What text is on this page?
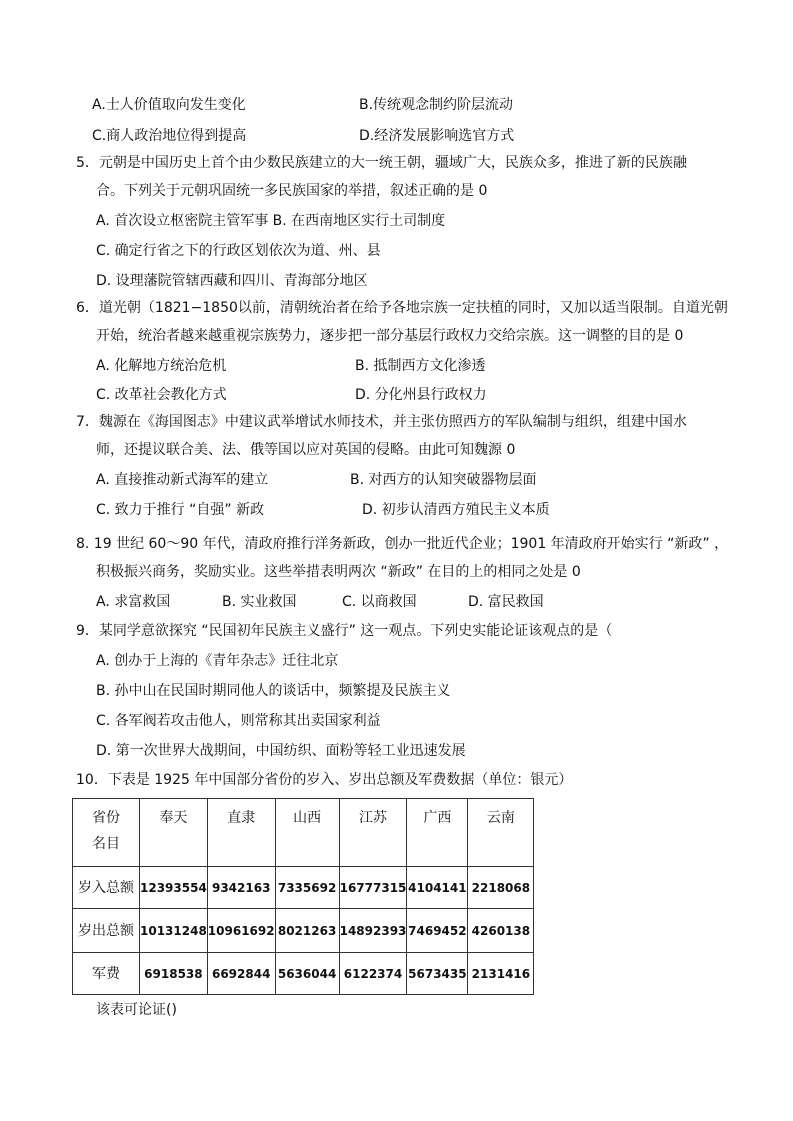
A.士人价值取向发生变化	B.传统观念制约阶层流动
C.商人政治地位得到提高	D.经济发展影响选官方式
5．元朝是中国历史上首个由少数民族建立的大一统王朝，疆域广大，民族众多，推进了新的民族融
合。下列关于元朝巩固统一多民族国家的举措，叙述正确的是 0
A. 首次设立枢密院主管军事 B. 在西南地区实行土司制度
C. 确定行省之下的行政区划依次为道、州、县
D. 设理藩院管辖西藏和四川、青海部分地区
6．道光朝（1821−1850以前，清朝统治者在给予各地宗族一定扶植的同时，又加以适当限制。自道光朝
开始，统治者越来越重视宗族势力，逐步把一部分基层行政权力交给宗族。这一调整的目的是 0
A. 化解地方统治危机	B. 抵制西方文化渗透
C. 改革社会教化方式	D. 分化州县行政权力
7．魏源在《海国图志》中建议武举增试水师技术，并主张仿照西方的军队编制与组织，组建中国水
师，还提议联合美、法、俄等国以应对英国的侵略。由此可知魏源 0
A. 直接推动新式海军的建立	B. 对西方的认知突破器物层面
C. 致力于推行 “自强” 新政	D. 初步认清西方殖民主义本质
8. 19 世纪 60～90 年代，清政府推行洋务新政，创办一批近代企业；1901 年清政府开始实行 “新政” ，
积极振兴商务，奖励实业。这些举措表明两次 “新政” 在目的上的相同之处是 0
A. 求富救国	B. 实业救国	C. 以商救国	D. 富民救国
9．某同学意欲探究 “民国初年民族主义盛行” 这一观点。下列史实能论证该观点的是（
A. 创办于上海的《青年杂志》迁往北京
B. 孙中山在民国时期同他人的谈话中，频繁提及民族主义
C. 各军阀若攻击他人，则常称其出卖国家利益
D. 第一次世界大战期间，中国纺织、面粉等轻工业迅速发展
10．下表是 1925 年中国部分省份的岁入、岁出总额及军费数据（单位：银元）
省份
名目	奉天	直隶	山西	江苏	广西	云南
岁入总额	12393554	9342163	7335692	16777315	4104141	2218068
岁出总额	10131248	10961692	8021263	14892393	7469452	4260138
军费	6918538	6692844	5636044	6122374	5673435	2131416
该表可论证()
